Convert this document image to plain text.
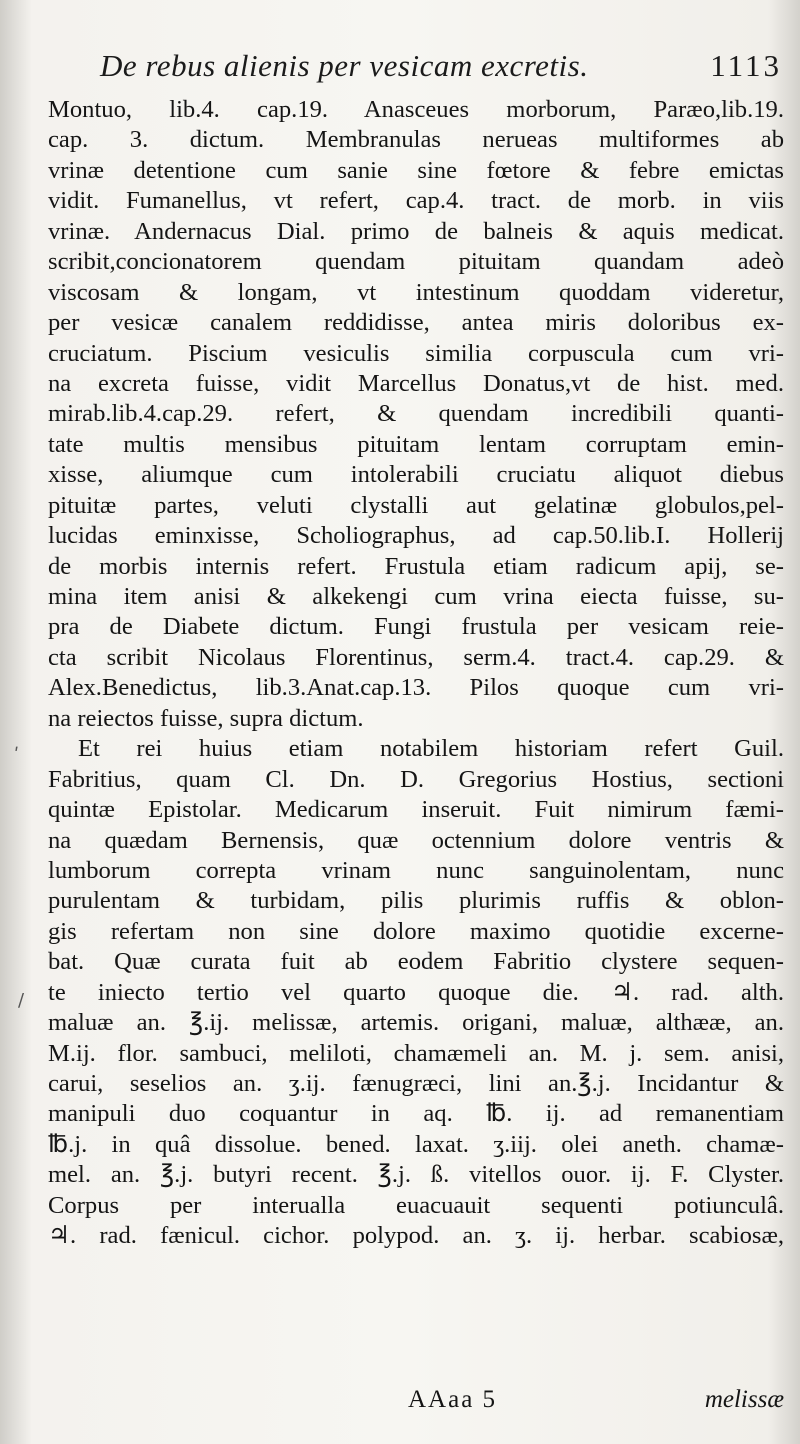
De rebus alienis per vesicam excretis.	1113
Montuo, lib.4. cap.19. Anasceues morborum, Paræo,lib.19.
cap. 3. dictum. Membranulas nerueas multiformes ab
vrinæ detentione cum sanie sine fœtore & febre emictas
vidit. Fumanellus, vt refert, cap.4. tract. de morb. in viis
vrinæ. Andernacus Dial. primo de balneis & aquis medicat.
scribit,concionatorem quendam pituitam quandam adeò
viscosam & longam, vt intestinum quoddam videretur,
per vesicæ canalem reddidisse, antea miris doloribus ex-
cruciatum. Piscium vesiculis similia corpuscula cum vri-
na excreta fuisse, vidit Marcellus Donatus,vt de hist. med.
mirab.lib.4.cap.29. refert, & quendam incredibili quanti-
tate multis mensibus pituitam lentam corruptam emin-
xisse, aliumque cum intolerabili cruciatu aliquot diebus
pituitæ partes, veluti clystalli aut gelatinæ globulos,pel-
lucidas eminxisse, Scholiographus, ad cap.50.lib.I. Hollerij
de morbis internis refert. Frustula etiam radicum apij, se-
mina item anisi & alkekengi cum vrina eiecta fuisse, su-
pra de Diabete dictum. Fungi frustula per vesicam reie-
cta scribit Nicolaus Florentinus, serm.4. tract.4. cap.29. &
Alex.Benedictus, lib.3.Anat.cap.13. Pilos quoque cum vri-
na reiectos fuisse, supra dictum.
Et rei huius etiam notabilem historiam refert Guil.
Fabritius, quam Cl. Dn. D. Gregorius Hostius, sectioni
quintæ Epistolar. Medicarum inseruit. Fuit nimirum fæmi-
na quædam Bernensis, quæ octennium dolore ventris &
lumborum correpta vrinam nunc sanguinolentam, nunc
purulentam & turbidam, pilis plurimis ruffis & oblon-
gis refertam non sine dolore maximo quotidie excerne-
bat. Quæ curata fuit ab eodem Fabritio clystere sequen-
te iniecto tertio vel quarto quoque die. ♃. rad. alth.
maluæ an. ℥.ij. melissæ, artemis. origani, maluæ, althææ, an.
M.ij. flor. sambuci, meliloti, chamæmeli an. M. j. sem. anisi,
carui, seselios an. ʒ.ij. fænugræci, lini an.℥.j. Incidantur &
manipuli duo coquantur in aq. ℔. ij. ad remanentiam
℔.j. in quâ dissolue. bened. laxat. ʒ.iij. olei aneth. chamæ-
mel. an. ℥.j. butyri recent. ℥.j. ß. vitellos ouor. ij. F. Clyster.
Corpus per interualla euacuauit sequenti potiunculâ.
♃. rad. fænicul. cichor. polypod. an. ʒ. ij. herbar. scabiosæ,
AAaa 5	melissæ
ʹ
/
